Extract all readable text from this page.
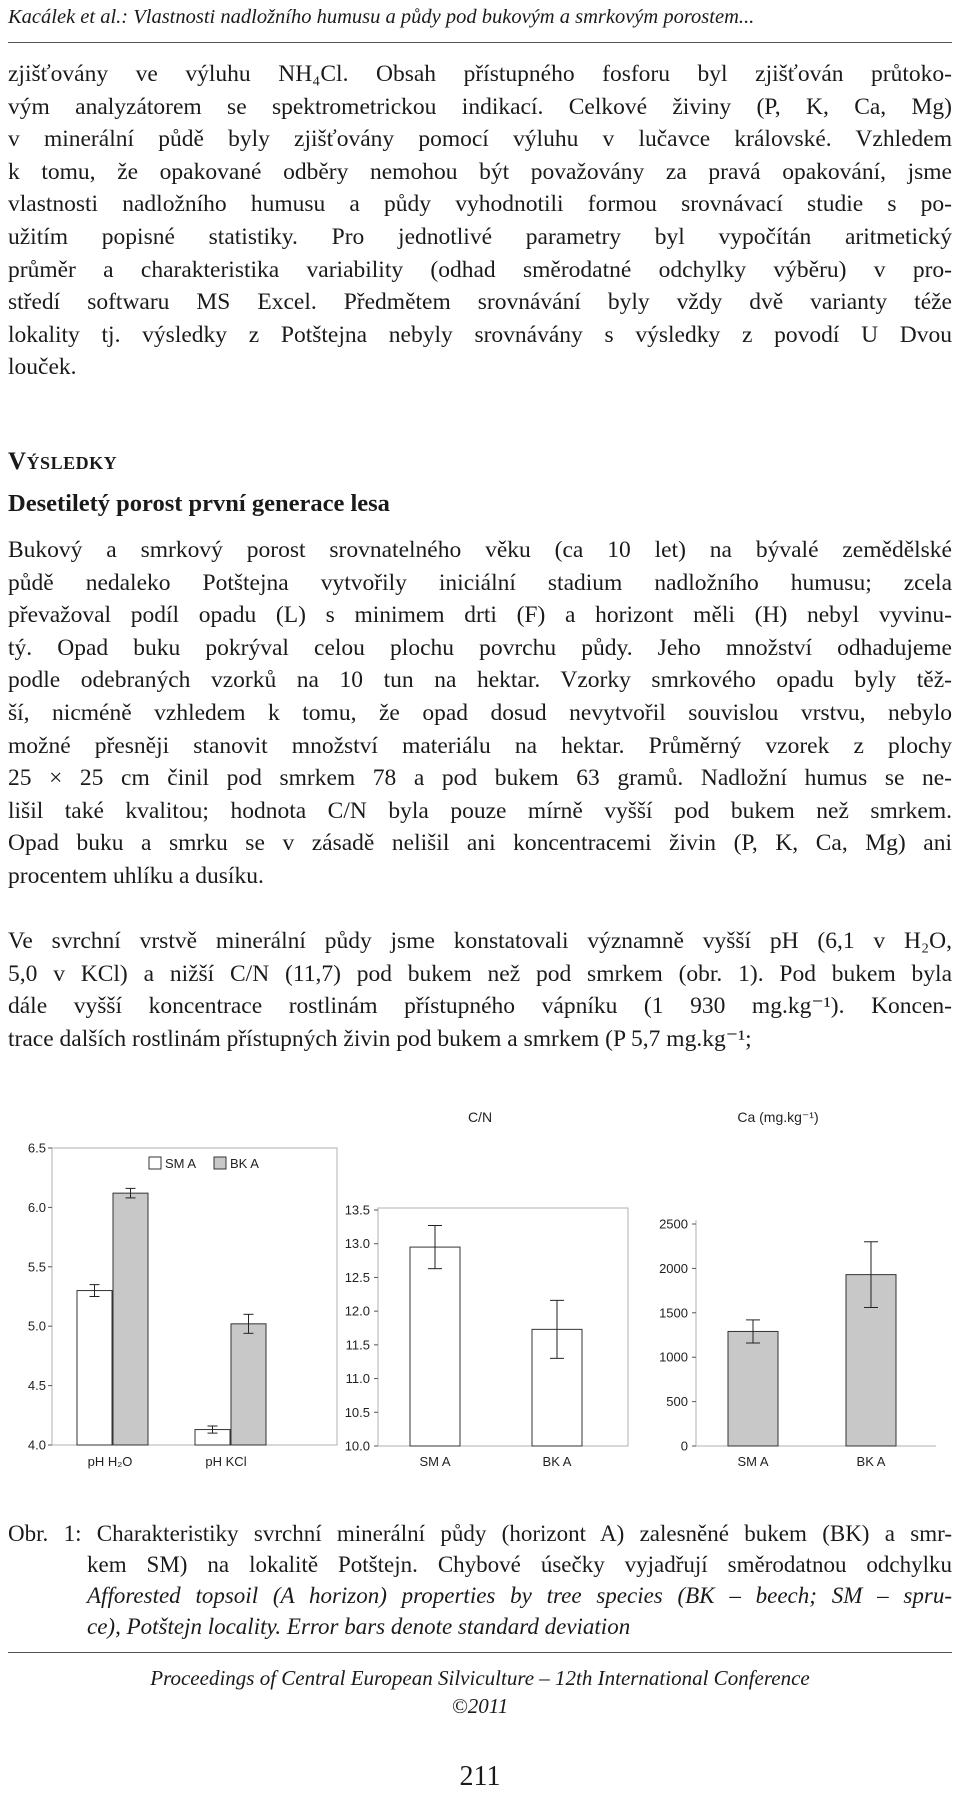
Kacálek et al.: Vlastnosti nadložního humusu a půdy pod bukovým a smrkovým porostem...
zjišťovány ve výluhu NH₄Cl. Obsah přístupného fosforu byl zjišťován průtoko-
vým analyzátorem se spektrometrickou indikací. Celkové živiny (P, K, Ca, Mg)
v minerální půdě byly zjišťovány pomocí výluhu v lučavce královské. Vzhledem
k tomu, že opakované odběry nemohou být považovány za pravá opakování, jsme
vlastnosti nadložního humusu a půdy vyhodnotili formou srovnávací studie s po-
užitím popisné statistiky. Pro jednotlivé parametry byl vypočítán aritmetický
průměr a charakteristika variability (odhad směrodatné odchylky výběru) v pro-
středí softwaru MS Excel. Předmětem srovnávání byly vždy dvě varianty téže
lokality tj. výsledky z Potštejna nebyly srovnávány s výsledky z povodí U Dvou
louček.
Výsledky
Desetiletý porost první generace lesa
Bukový a smrkový porost srovnatelného věku (ca 10 let) na bývalé zemědělské
půdě nedaleko Potštejna vytvořily iniciální stadium nadložního humusu; zcela
převažoval podíl opadu (L) s minimem drti (F) a horizont měli (H) nebyl vyvinu-
tý. Opad buku pokrýval celou plochu povrchu půdy. Jeho množství odhadujeme
podle odebraných vzorků na 10 tun na hektar. Vzorky smrkového opadu byly těž-
ší, nicméně vzhledem k tomu, že opad dosud nevytvořil souvislou vrstvu, nebylo
možné přesněji stanovit množství materiálu na hektar. Průměrný vzorek z plochy
25 × 25 cm činil pod smrkem 78 a pod bukem 63 gramů. Nadložní humus se ne-
lišil také kvalitou; hodnota C/N byla pouze mírně vyšší pod bukem než smrkem.
Opad buku a smrku se v zásadě nelišil ani koncentracemi živin (P, K, Ca, Mg) ani
procentem uhlíku a dusíku.
Ve svrchní vrstvě minerální půdy jsme konstatovali významně vyšší pH (6,1 v H₂O,
5,0 v KCl) a nižší C/N (11,7) pod bukem než pod smrkem (obr. 1). Pod bukem byla
dále vyšší koncentrace rostlinám přístupného vápníku (1 930 mg.kg⁻¹). Koncen-
trace dalších rostlinám přístupných živin pod bukem a smrkem (P 5,7 mg.kg⁻¹;
4.0
4.5
5.0
5.5
6.0
6.5
pH H₂O	pH KCl
SM A	BK A
10.0
10.5
11.0
11.5
12.0
12.5
13.0
13.5
SM A	BK A
C/N
0
500
1000
1500
2000
2500
SM A	BK A
Ca (mg.kg⁻¹)
Obr. 1: Charakteristiky svrchní minerální půdy (horizont A) zalesněné bukem (BK) a smr-
kem SM) na lokalitě Potštejn. Chybové úsečky vyjadřují směrodatnou odchylku
Afforested topsoil (A horizon) properties by tree species (BK – beech; SM – spru-
ce), Potštejn locality. Error bars denote standard deviation
Proceedings of Central European Silviculture – 12th International Conference
©2011
211
